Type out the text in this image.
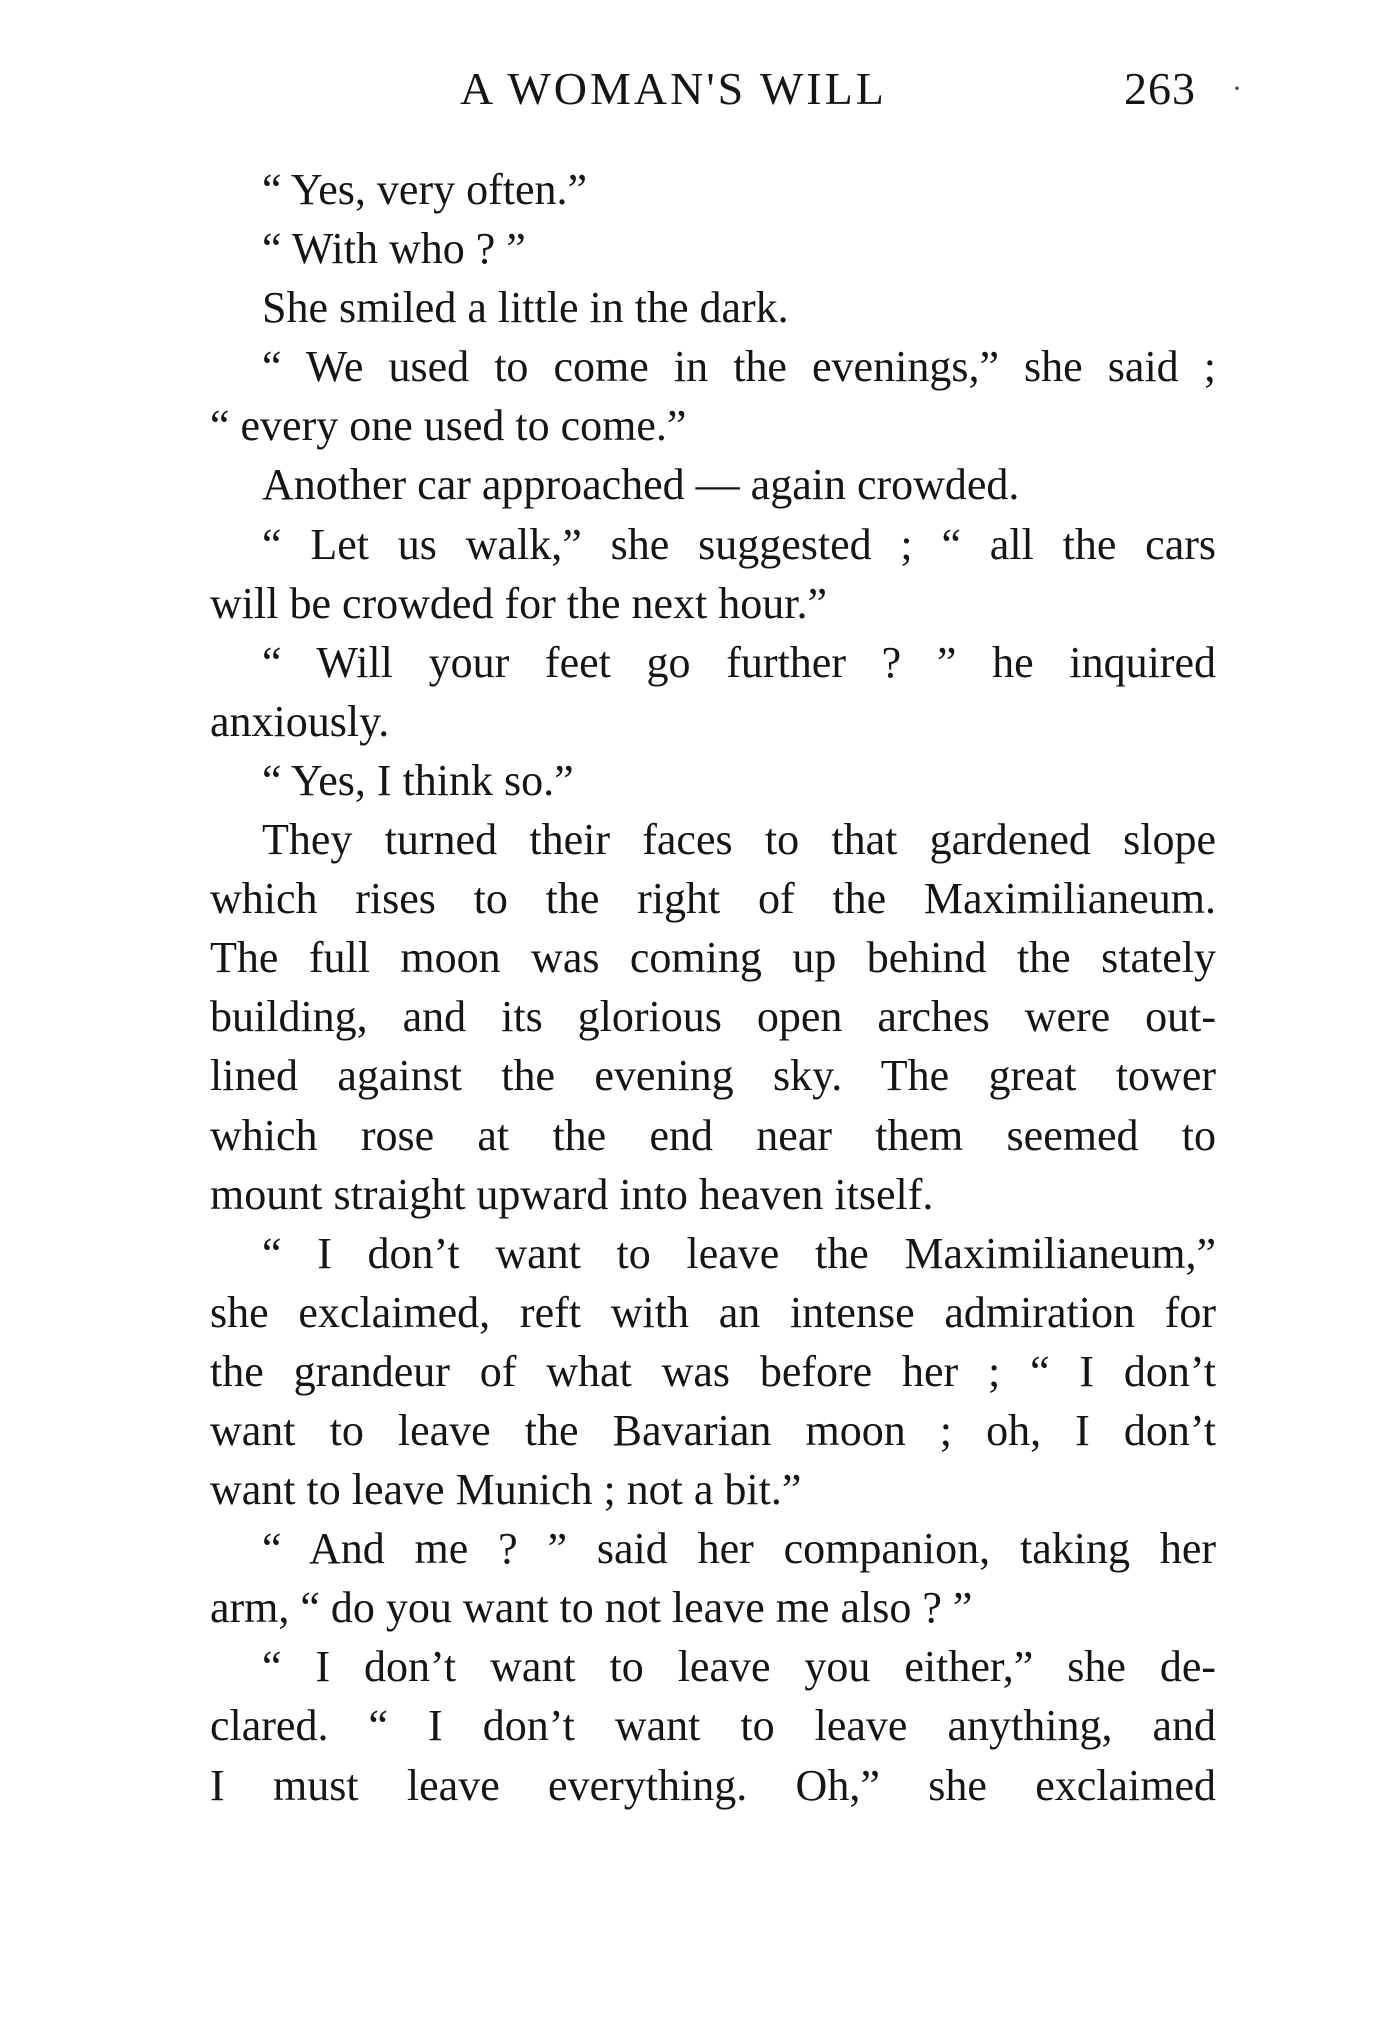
A WOMAN'S WILL	263 ·
“ Yes, very often.”
“ With who ? ”
She smiled a little in the dark.
“ We used to come in the evenings,” she said ;
“ every one used to come.”
Another car approached — again crowded.
“ Let us walk,” she suggested ; “ all the cars
will be crowded for the next hour.”
“ Will your feet go further ? ” he inquired
anxiously.
“ Yes, I think so.”
They turned their faces to that gardened slope
which rises to the right of the Maximilianeum.
The full moon was coming up behind the stately
building, and its glorious open arches were out-
lined against the evening sky. The great tower
which rose at the end near them seemed to
mount straight upward into heaven itself.
“ I don’t want to leave the Maximilianeum,”
she exclaimed, reft with an intense admiration for
the grandeur of what was before her ; “ I don’t
want to leave the Bavarian moon ; oh, I don’t
want to leave Munich ; not a bit.”
“ And me ? ” said her companion, taking her
arm, “ do you want to not leave me also ? ”
“ I don’t want to leave you either,” she de-
clared. “ I don’t want to leave anything, and
I must leave everything. Oh,” she exclaimed
